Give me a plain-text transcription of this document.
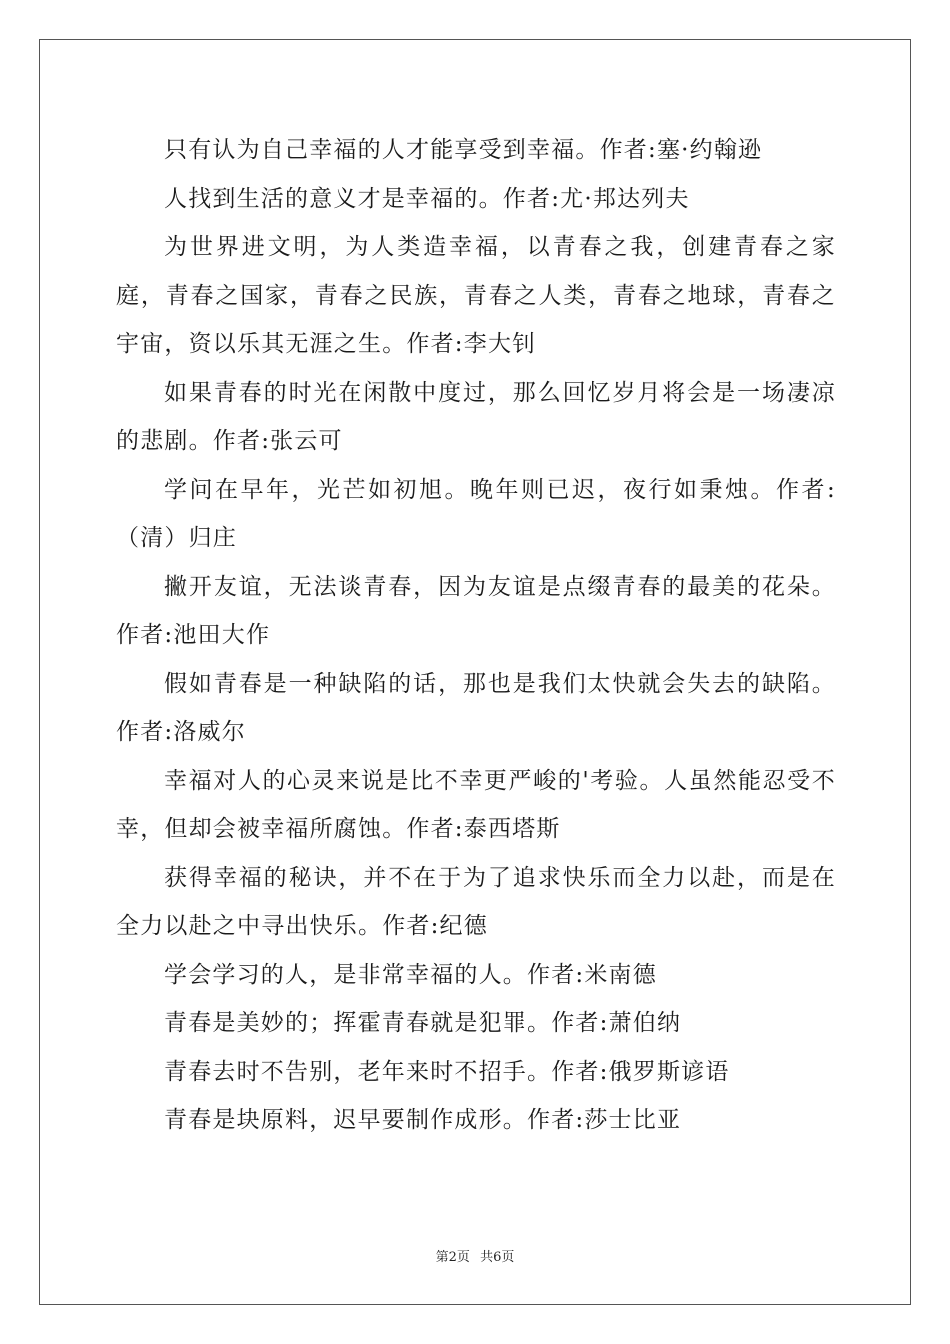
只有认为自己幸福的人才能享受到幸福。作者:塞·约翰逊

人找到生活的意义才是幸福的。作者:尤·邦达列夫

为世界进文明，为人类造幸福，以青春之我，创建青春之家庭，青春之国家，青春之民族，青春之人类，青春之地球，青春之宇宙，资以乐其无涯之生。作者:李大钊

如果青春的时光在闲散中度过，那么回忆岁月将会是一场凄凉的悲剧。作者:张云可

学问在早年，光芒如初旭。晚年则已迟，夜行如秉烛。作者:（清）归庄

撇开友谊，无法谈青春，因为友谊是点缀青春的最美的花朵。作者:池田大作

假如青春是一种缺陷的话，那也是我们太快就会失去的缺陷。作者:洛威尔

幸福对人的心灵来说是比不幸更严峻的'考验。人虽然能忍受不幸，但却会被幸福所腐蚀。作者:泰西塔斯

获得幸福的秘诀，并不在于为了追求快乐而全力以赴，而是在全力以赴之中寻出快乐。作者:纪德

学会学习的人，是非常幸福的人。作者:米南德

青春是美妙的；挥霍青春就是犯罪。作者:萧伯纳

青春去时不告别，老年来时不招手。作者:俄罗斯谚语

青春是块原料，迟早要制作成形。作者:莎士比亚

第2页 共6页
